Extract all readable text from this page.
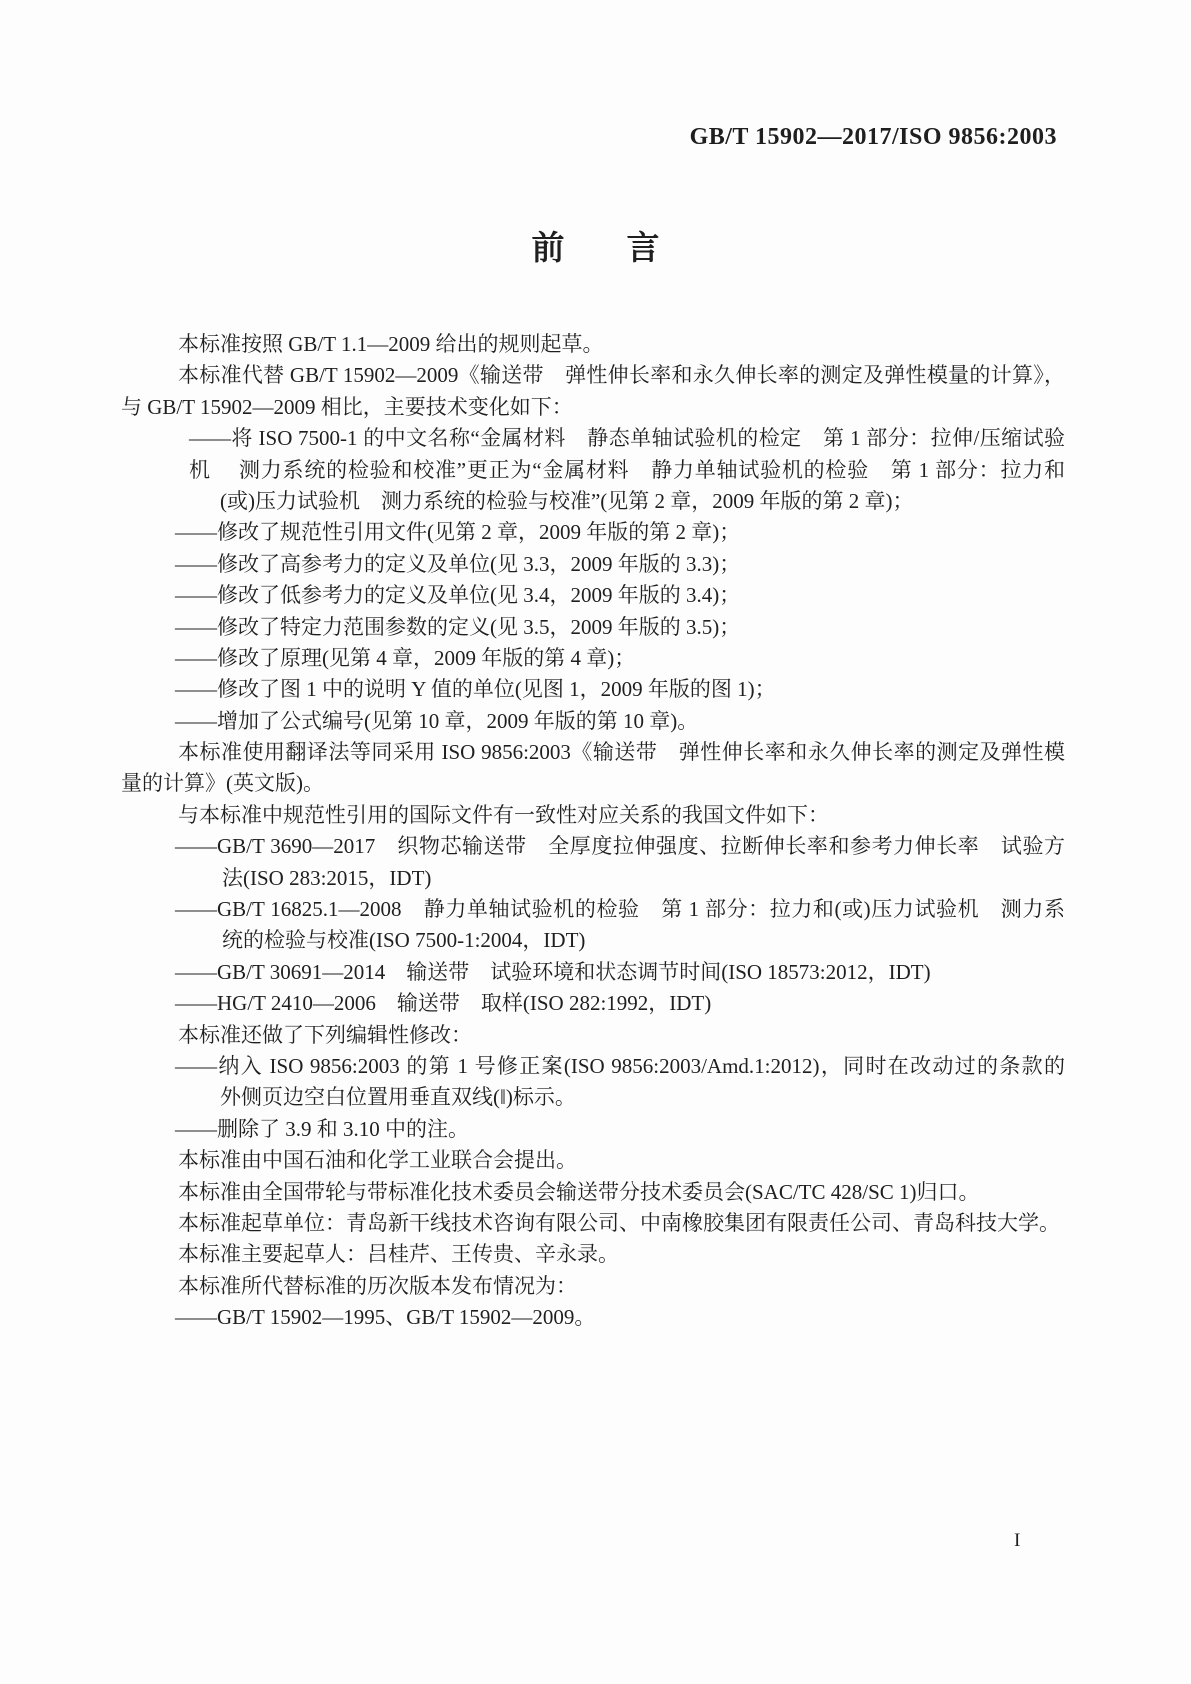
GB/T 15902—2017/ISO 9856:2003
前 言
本标准按照 GB/T 1.1—2009 给出的规则起草。
本标准代替 GB/T 15902—2009《输送带　弹性伸长率和永久伸长率的测定及弹性模量的计算》，
与 GB/T 15902—2009 相比，主要技术变化如下：
——将 ISO 7500-1 的中文名称“金属材料　静态单轴试验机的检定　第 1 部分：拉伸/压缩试验机	测力系统的检验和校准”更正为“金属材料　静力单轴试验机的检验　第 1 部分：拉力和
(或)压力试验机　测力系统的检验与校准”(见第 2 章，2009 年版的第 2 章)；
——修改了规范性引用文件(见第 2 章，2009 年版的第 2 章)；
——修改了高参考力的定义及单位(见 3.3，2009 年版的 3.3)；
——修改了低参考力的定义及单位(见 3.4，2009 年版的 3.4)；
——修改了特定力范围参数的定义(见 3.5，2009 年版的 3.5)；
——修改了原理(见第 4 章，2009 年版的第 4 章)；
——修改了图 1 中的说明 Y 值的单位(见图 1，2009 年版的图 1)；
——增加了公式编号(见第 10 章，2009 年版的第 10 章)。
本标准使用翻译法等同采用 ISO 9856:2003《输送带　弹性伸长率和永久伸长率的测定及弹性模
量的计算》(英文版)。
与本标准中规范性引用的国际文件有一致性对应关系的我国文件如下：
——GB/T 3690—2017　织物芯输送带　全厚度拉伸强度、拉断伸长率和参考力伸长率　试验方
法(ISO 283:2015，IDT)
——GB/T 16825.1—2008　静力单轴试验机的检验　第 1 部分：拉力和(或)压力试验机　测力系
统的检验与校准(ISO 7500-1:2004，IDT)
——GB/T 30691—2014　输送带　试验环境和状态调节时间(ISO 18573:2012，IDT)
——HG/T 2410—2006　输送带　取样(ISO 282:1992，IDT)
本标准还做了下列编辑性修改：
——纳入 ISO 9856:2003 的第 1 号修正案(ISO 9856:2003/Amd.1:2012)，同时在改动过的条款的
外侧页边空白位置用垂直双线(‖)标示。
——删除了 3.9 和 3.10 中的注。
本标准由中国石油和化学工业联合会提出。
本标准由全国带轮与带标准化技术委员会输送带分技术委员会(SAC/TC 428/SC 1)归口。
本标准起草单位：青岛新干线技术咨询有限公司、中南橡胶集团有限责任公司、青岛科技大学。
本标准主要起草人：吕桂芹、王传贵、辛永录。
本标准所代替标准的历次版本发布情况为：
——GB/T 15902—1995、GB/T 15902—2009。
I
